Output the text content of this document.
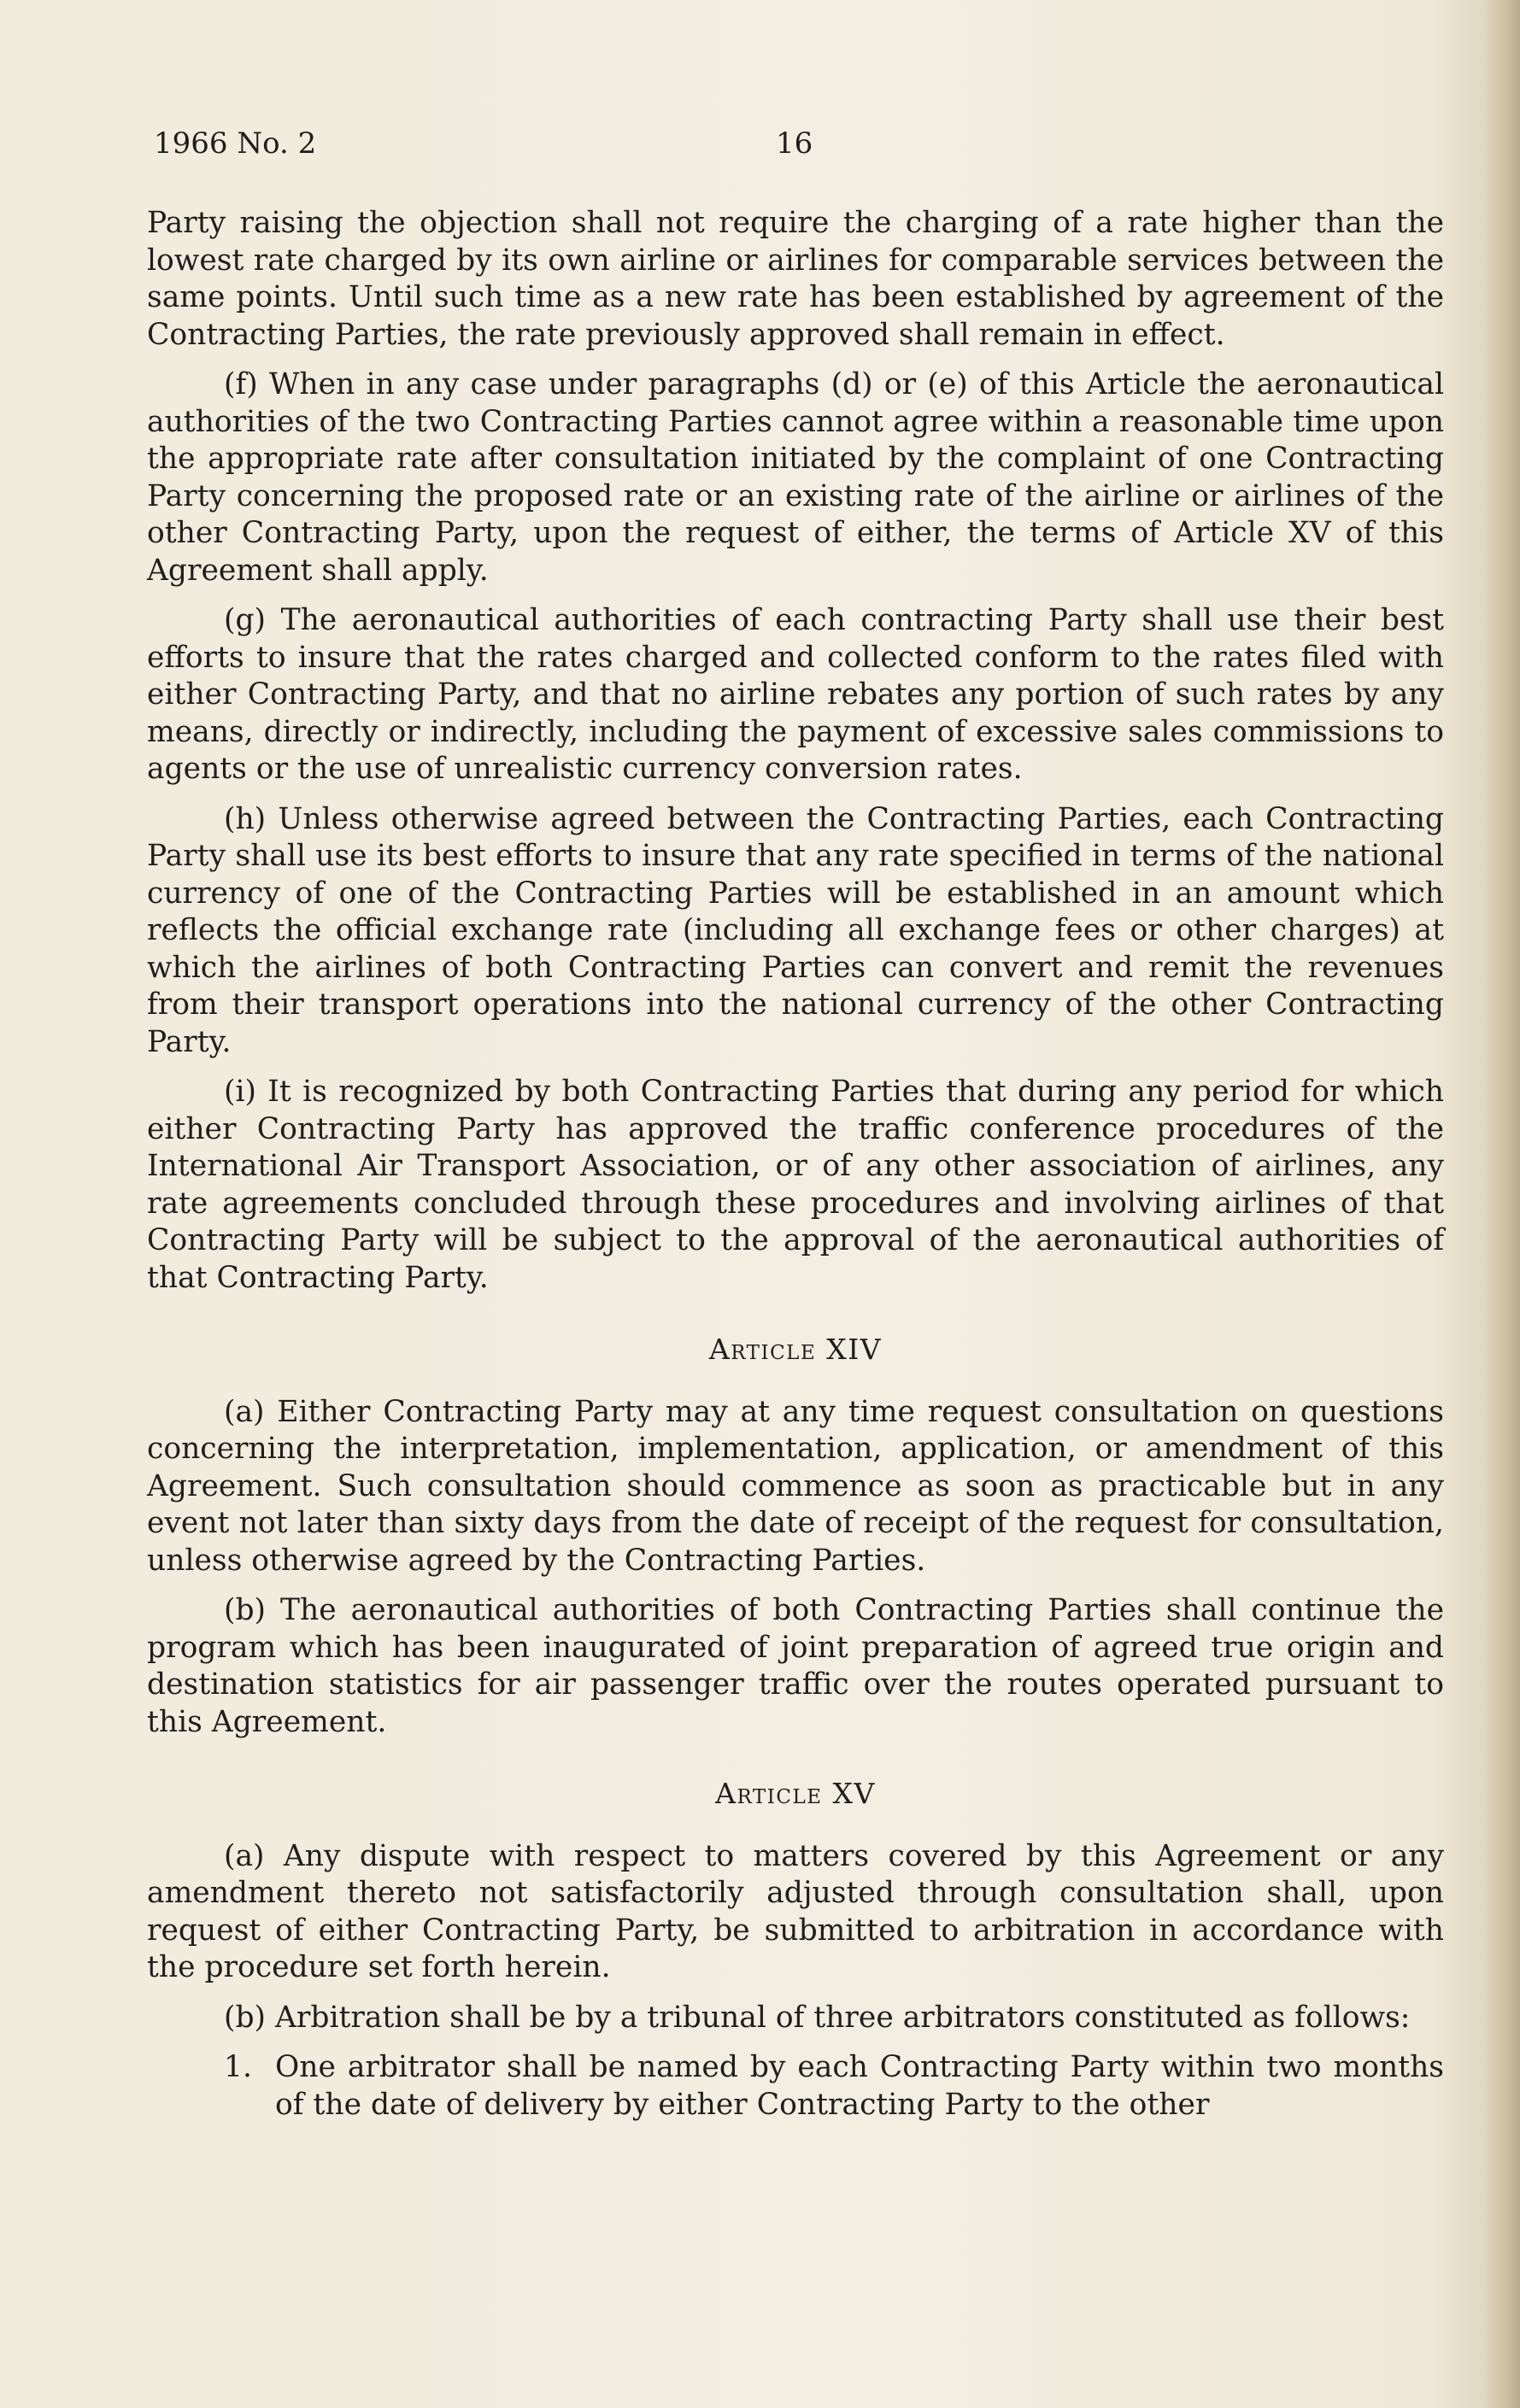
1966 No. 2	16

Party raising the objection shall not require the charging of a rate higher than the lowest rate charged by its own airline or airlines for comparable services between the same points. Until such time as a new rate has been established by agreement of the Contracting Parties, the rate previously approved shall remain in effect.

(f) When in any case under paragraphs (d) or (e) of this Article the aeronautical authorities of the two Contracting Parties cannot agree within a reasonable time upon the appropriate rate after consultation initiated by the complaint of one Contracting Party concerning the proposed rate or an existing rate of the airline or airlines of the other Contracting Party, upon the request of either, the terms of Article XV of this Agreement shall apply.

(g) The aeronautical authorities of each contracting Party shall use their best efforts to insure that the rates charged and collected conform to the rates filed with either Contracting Party, and that no airline rebates any portion of such rates by any means, directly or indirectly, including the payment of excessive sales commissions to agents or the use of unrealistic currency conversion rates.

(h) Unless otherwise agreed between the Contracting Parties, each Contracting Party shall use its best efforts to insure that any rate specified in terms of the national currency of one of the Contracting Parties will be established in an amount which reflects the official exchange rate (including all exchange fees or other charges) at which the airlines of both Contracting Parties can convert and remit the revenues from their transport operations into the national currency of the other Contracting Party.

(i) It is recognized by both Contracting Parties that during any period for which either Contracting Party has approved the traffic conference procedures of the International Air Transport Association, or of any other association of airlines, any rate agreements concluded through these procedures and involving airlines of that Contracting Party will be subject to the approval of the aeronautical authorities of that Contracting Party.

Article XIV

(a) Either Contracting Party may at any time request consultation on questions concerning the interpretation, implementation, application, or amendment of this Agreement. Such consultation should commence as soon as practicable but in any event not later than sixty days from the date of receipt of the request for consultation, unless otherwise agreed by the Contracting Parties.

(b) The aeronautical authorities of both Contracting Parties shall continue the program which has been inaugurated of joint preparation of agreed true origin and destination statistics for air passenger traffic over the routes operated pursuant to this Agreement.

Article XV

(a) Any dispute with respect to matters covered by this Agreement or any amendment thereto not satisfactorily adjusted through consultation shall, upon request of either Contracting Party, be submitted to arbitration in accordance with the procedure set forth herein.

(b) Arbitration shall be by a tribunal of three arbitrators constituted as follows:

1. One arbitrator shall be named by each Contracting Party within two months of the date of delivery by either Contracting Party to the other
